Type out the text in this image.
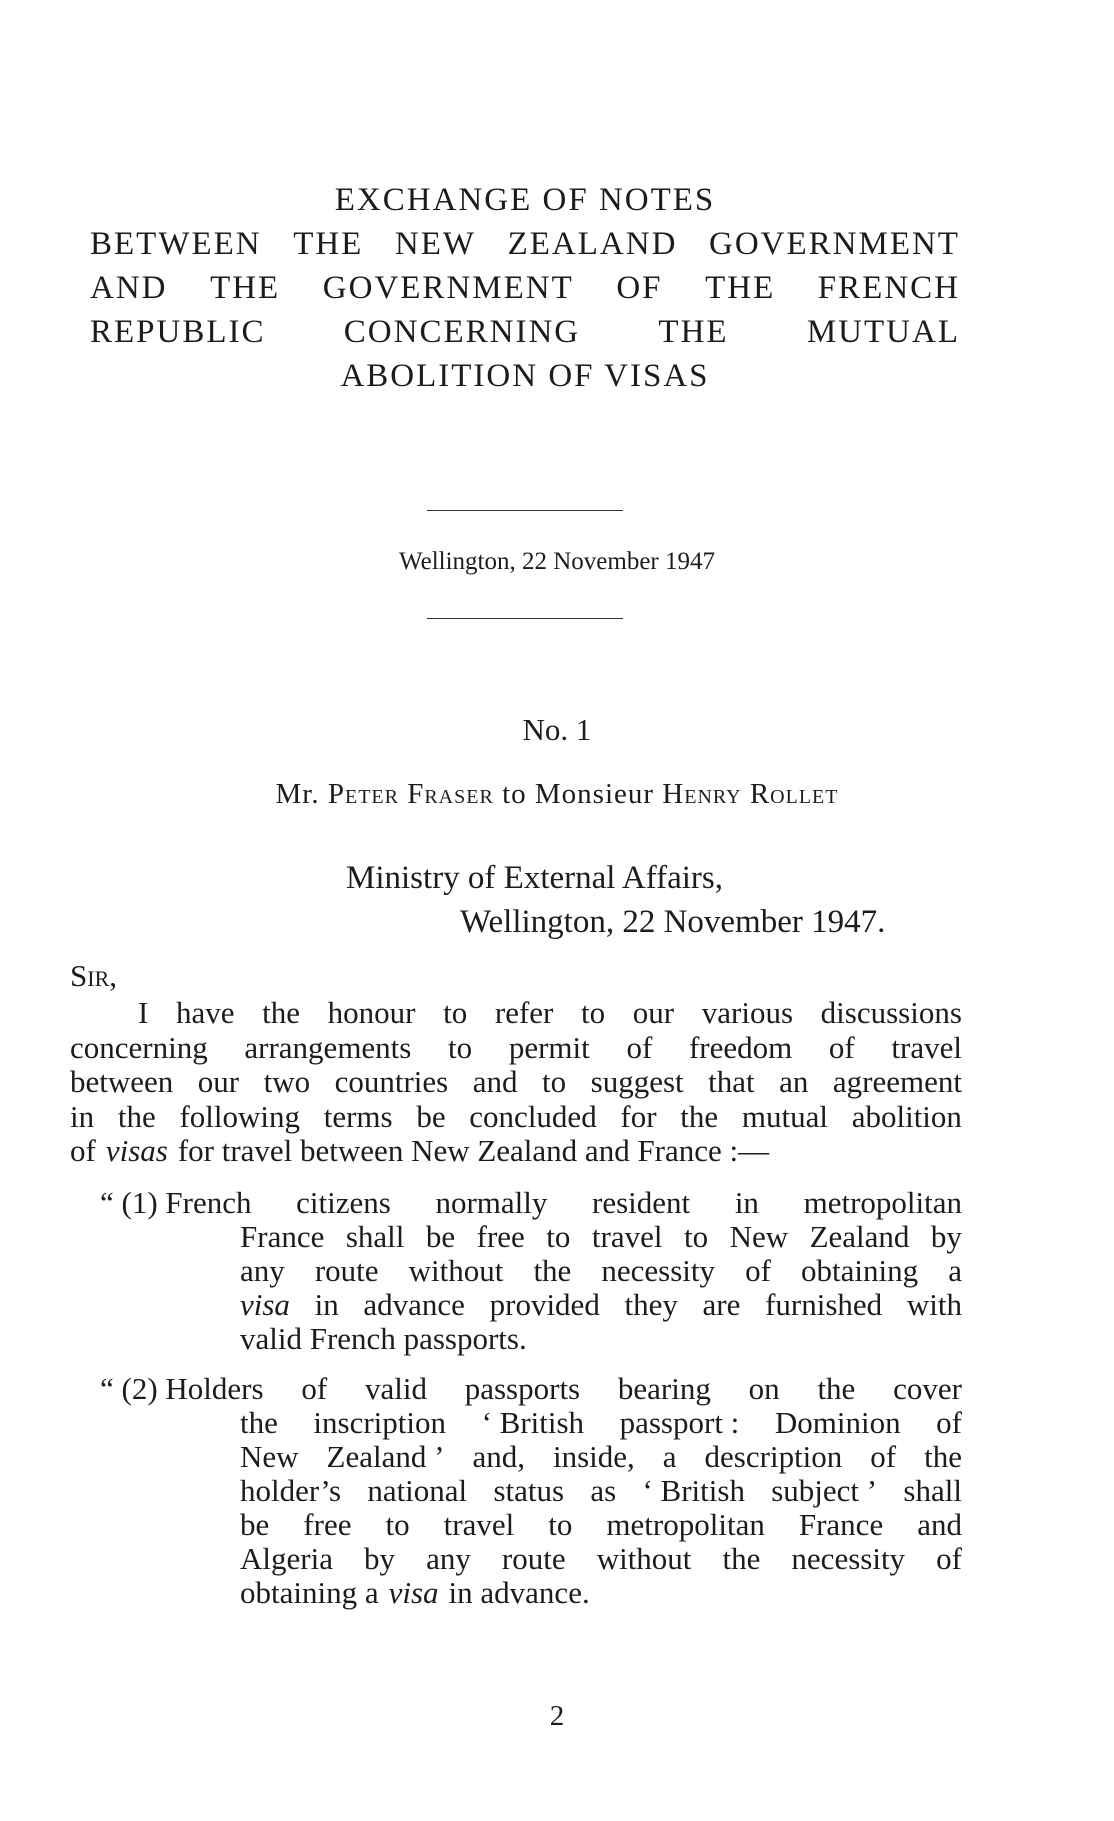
EXCHANGE OF NOTES
BETWEEN THE NEW ZEALAND GOVERNMENT
AND THE GOVERNMENT OF THE FRENCH
REPUBLIC CONCERNING THE MUTUAL
ABOLITION OF VISAS
Wellington, 22 November 1947
No. 1
Mr. Peter Fraser to Monsieur Henry Rollet
Ministry of External Affairs,
Wellington, 22 November 1947.
Sir,
I have the honour to refer to our various discussions
concerning arrangements to permit of freedom of travel
between our two countries and to suggest that an agreement
in the following terms be concluded for the mutual abolition
of visas for travel between New Zealand and France :—
“ (1) French citizens normally resident in metropolitan
France shall be free to travel to New Zealand by
any route without the necessity of obtaining a
visa in advance provided they are furnished with
valid French passports.
“ (2) Holders of valid passports bearing on the cover
the inscription ‘ British passport : Dominion of
New Zealand ’ and, inside, a description of the
holder’s national status as ‘ British subject ’ shall
be free to travel to metropolitan France and
Algeria by any route without the necessity of
obtaining a visa in advance.
2
